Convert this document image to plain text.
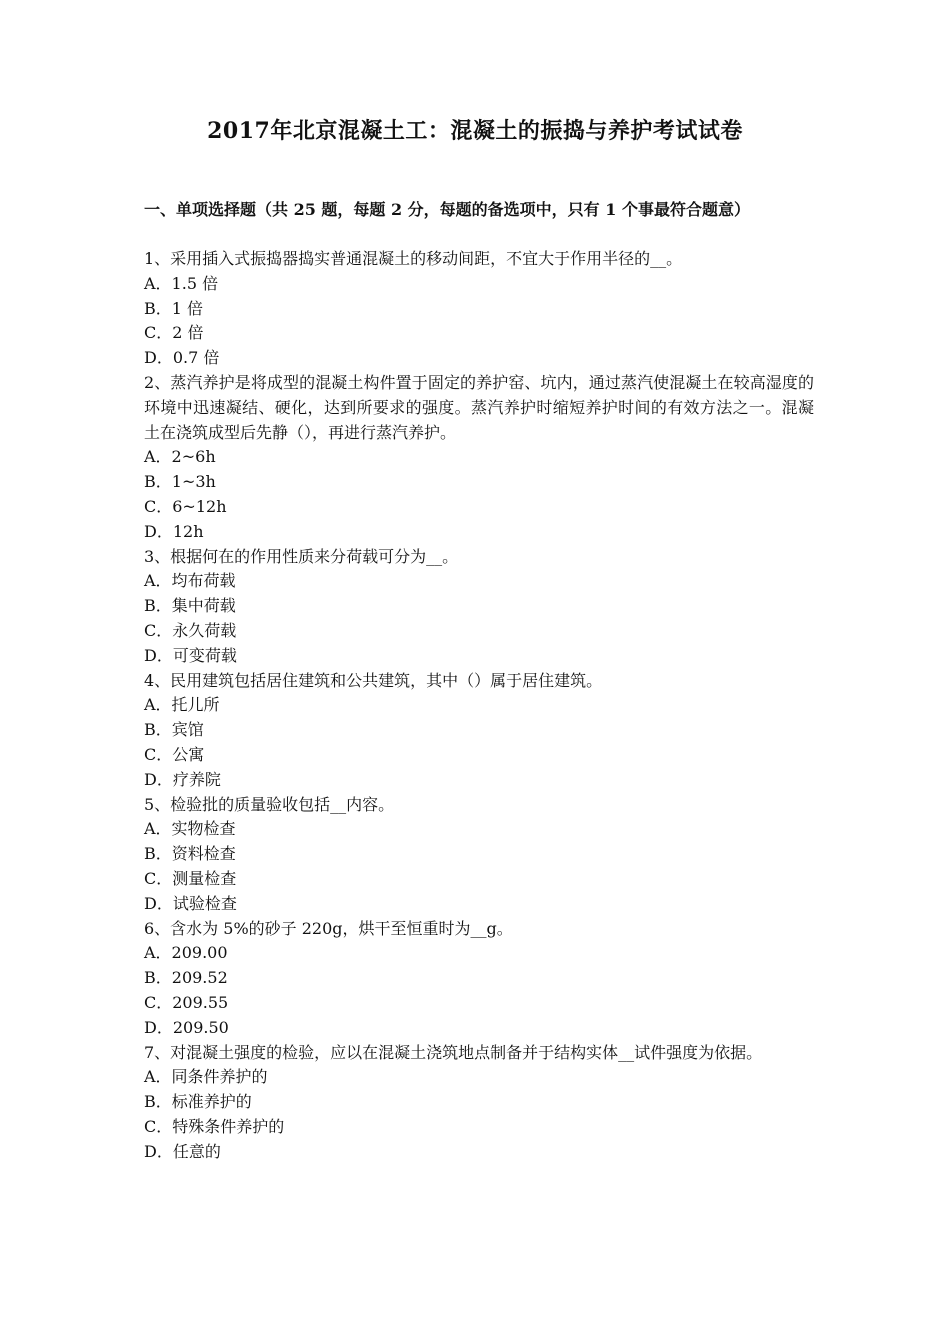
2017年北京混凝土工：混凝土的振捣与养护考试试卷
一、单项选择题（共 25 题，每题 2 分，每题的备选项中，只有 1 个事最符合题意）
1、采用插入式振捣器捣实普通混凝土的移动间距，不宜大于作用半径的__。
A．1.5 倍
B．1 倍
C．2 倍
D．0.7 倍
2、蒸汽养护是将成型的混凝土构件置于固定的养护窑、坑内，通过蒸汽使混凝土在较高湿度的环境中迅速凝结、硬化，达到所要求的强度。蒸汽养护时缩短养护时间的有效方法之一。混凝土在浇筑成型后先静（），再进行蒸汽养护。
A．2~6h
B．1~3h
C．6~12h
D．12h
3、根据何在的作用性质来分荷载可分为__。
A．均布荷载
B．集中荷载
C．永久荷载
D．可变荷载
4、民用建筑包括居住建筑和公共建筑，其中（）属于居住建筑。
A．托儿所
B．宾馆
C．公寓
D．疗养院
5、检验批的质量验收包括__内容。
A．实物检查
B．资料检查
C．测量检查
D．试验检查
6、含水为 5%的砂子 220g，烘干至恒重时为__g。
A．209.00
B．209.52
C．209.55
D．209.50
7、对混凝土强度的检验，应以在混凝土浇筑地点制备并于结构实体__试件强度为依据。
A．同条件养护的
B．标准养护的
C．特殊条件养护的
D．任意的
